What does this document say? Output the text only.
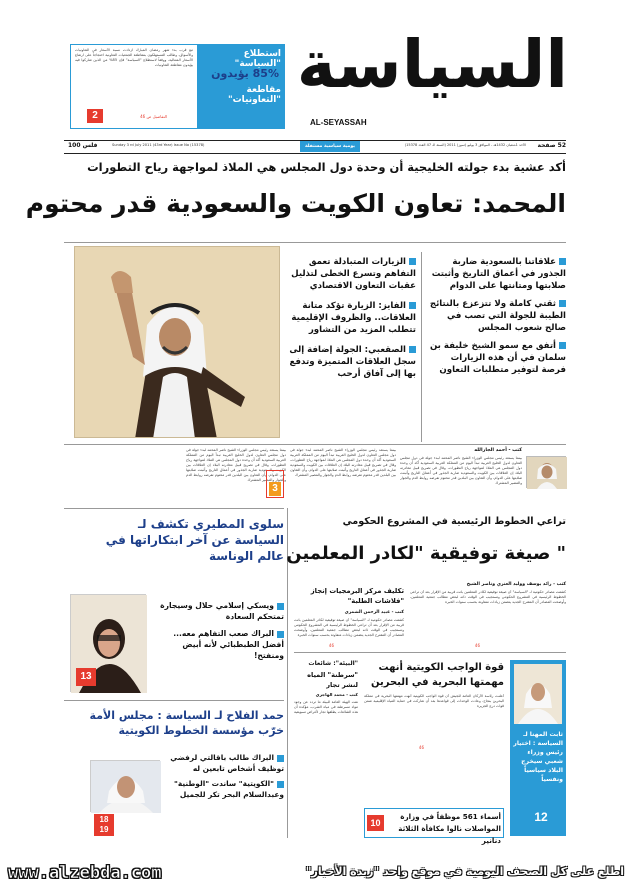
استطلاع "السياسة"
85% يؤيدون
مقاطعة "التعاونيات"
مع قرب بدء شهر رمضان المبارك ازدادت نسبة الأسعار في التعاونيات والأسواق، وطالب المستهلكون بمقاطعة الجمعيات التعاونية احتجاجاً على ارتفاع الأسعار المتتالية، ووفقاً لاستطلاع "السياسة" فإن 85% من الذين شاركوا فيه يؤيدون مقاطعة التعاونيات
2	التفاصيل ص 46
السياسة
AL-SEYASSAH
52 صفحة
الأحد 1شعبان 1432هـ - الموافق 3 يوليو (تموز) 2011 (السنة الـ 47 العدد 15378)
يومية سياسية مستقلة
Sunday 3 rd July 2011 (43rd Year) Issue No (15378)
100 فلس
أكد عشية بدء جولته الخليجية أن وحدة دول المجلس هي الملاذ لمواجهة رياح التطورات
المحمد: تعاون الكويت والسعودية قدر محتوم
علاقاتنا بالسعودية ضاربة الجذور في أعماق التاريخ وأثبتت صلابتها ومتانتها على الدوام
ثقتي كاملة ولا تتزعزع بالنتائج الطيبة للجولة التي تصب في صالح شعوب المجلس
أتفق مع سمو الشيخ خليفة بن سلمان في أن هذه الزيارات فرصة لتوفير متطلبات التعاون
الزيارات المتبادلة تعمق التفاهم وتسرع الخطى لتذليل عقبات التعاون الاقتصادي
الفايز: الزيارة تؤكد متانة العلاقات.. والظروف الإقليمية تتطلب المزيد من التشاور
الصقعبي: الجولة إضافة إلى سجل العلاقات المتميزة وتدفع بها إلى آفاق أرحب
كتب - أحمد الجارالله
بينما يستعد رئيس مجلس الوزراء الشيخ ناصر المحمد لبدء جولة في دول مجلس التعاون لدول الخليج العربية تبدأ اليوم من المملكة العربية السعودية أكد أن وحدة دول المجلس هي الملاذ لمواجهة رياح التطورات، وقال في تصريح قبيل مغادرته البلاد إن العلاقات بين الكويت والسعودية ضاربة الجذور في أعماق التاريخ وأثبتت صلابتها على الدوام، وأن التعاون بين البلدين قدر محتوم تفرضه روابط الدم والجوار والمصير المشترك
بينما يستعد رئيس مجلس الوزراء الشيخ ناصر المحمد لبدء جولة في دول مجلس التعاون لدول الخليج العربية تبدأ اليوم من المملكة العربية السعودية أكد أن وحدة دول المجلس هي الملاذ لمواجهة رياح التطورات، وقال في تصريح قبيل مغادرته البلاد إن العلاقات بين الكويت والسعودية ضاربة الجذور في أعماق التاريخ وأثبتت صلابتها على الدوام، وأن التعاون بين البلدين قدر محتوم تفرضه روابط الدم والجوار والمصير المشترك
بينما يستعد رئيس مجلس الوزراء الشيخ ناصر المحمد لبدء جولة في دول مجلس التعاون لدول الخليج العربية تبدأ اليوم من المملكة العربية السعودية أكد أن وحدة دول المجلس هي الملاذ لمواجهة رياح التطورات، وقال في تصريح قبيل مغادرته البلاد إن العلاقات بين الكويت والسعودية ضاربة الجذور في أعماق التاريخ وأثبتت صلابتها على الدوام، وأن التعاون بين البلدين قدر محتوم تفرضه روابط الدم والجوار والمصير المشترك
3
سلوى المطيري تكشف لـ السياسة عن آخر ابتكاراتها في عالم الوناسة
ويسكي إسلامي حلال وسيجارة تمتحكم السعادة
البراك صعب التفاهم معه... أفضل الطبطبائي لأنه أبيض ومنفتح!
13
حمد الفلاح لـ السياسة : مجلس الأمة خرّب مؤسسة الخطوط الكويتية
البراك طالب باقالتي لرفضي توظيف أشخاص تابعين له
"الكويتية" ساندت "الوطنية" وعبدالسلام البحر تكر للجميل
18 19
تراعي الخطوط الرئيسية في المشروع الحكومي
" صيغة توفيقية "لكادر المعلمين
كتب - رائد يوسف ووليد العنزي وناصر الشيخ
كشفت مصادر حكومية لـ "السياسة" أن صيغة توفيقية لكادر المعلمين باتت قريبة من الإقرار بعد أن تراعي الخطوط الرئيسية في المشروع الحكومي وتستجيب في الوقت ذاته لبعض مطالب جمعية المعلمين، وأوضحت المصادر أن المقترح الجديد يتضمن زيادات متفاوتة بحسب سنوات الخبرة
46
تكليف مركز البرمجيات إنجاز "فلاشات الطلبة"
كتب - عبيد الرحمن الشمري
كشفت مصادر حكومية لـ "السياسة" أن صيغة توفيقية لكادر المعلمين باتت قريبة من الإقرار بعد أن تراعي الخطوط الرئيسية في المشروع الحكومي وتستجيب في الوقت ذاته لبعض مطالب جمعية المعلمين، وأوضحت المصادر أن المقترح الجديد يتضمن زيادات متفاوتة بحسب سنوات الخبرة
46
قوة الواجب الكويتية أنهت مهمتها البحرية في البحرين
أعلنت رئاسة الأركان العامة للجيش أن قوة الواجب الكويتية أنهت مهمتها البحرية في مملكة البحرين بنجاح، وعادت الوحدات إلى قواعدها بعد أن شاركت في حماية المياه الإقليمية ضمن قوات درع الجزيرة
46
"البيئة": شائعات
"سرطنة" المياه لنشر تجار
كتب - محمد الهاجري
نفت الهيئة العامة للبيئة ما تردد عن وجود مواد مسرطنة في مياه الشرب، مؤكدة أن هذه الشائعات يطلقها تجار لأغراض تسويقية
ثابت المهنا لـ السياسة : اختيار رئيس وزراء شعبي سيخرج البلاد سياسياً ونفسياً
12
أسماء 561 موظفاً في وزارة المواصلات نالوا مكافأة الثلاثة دنانير
10
www.alzebda.com	اطلع على كل الصحف اليومية في موقع واحد "زبدة الأخبار"
